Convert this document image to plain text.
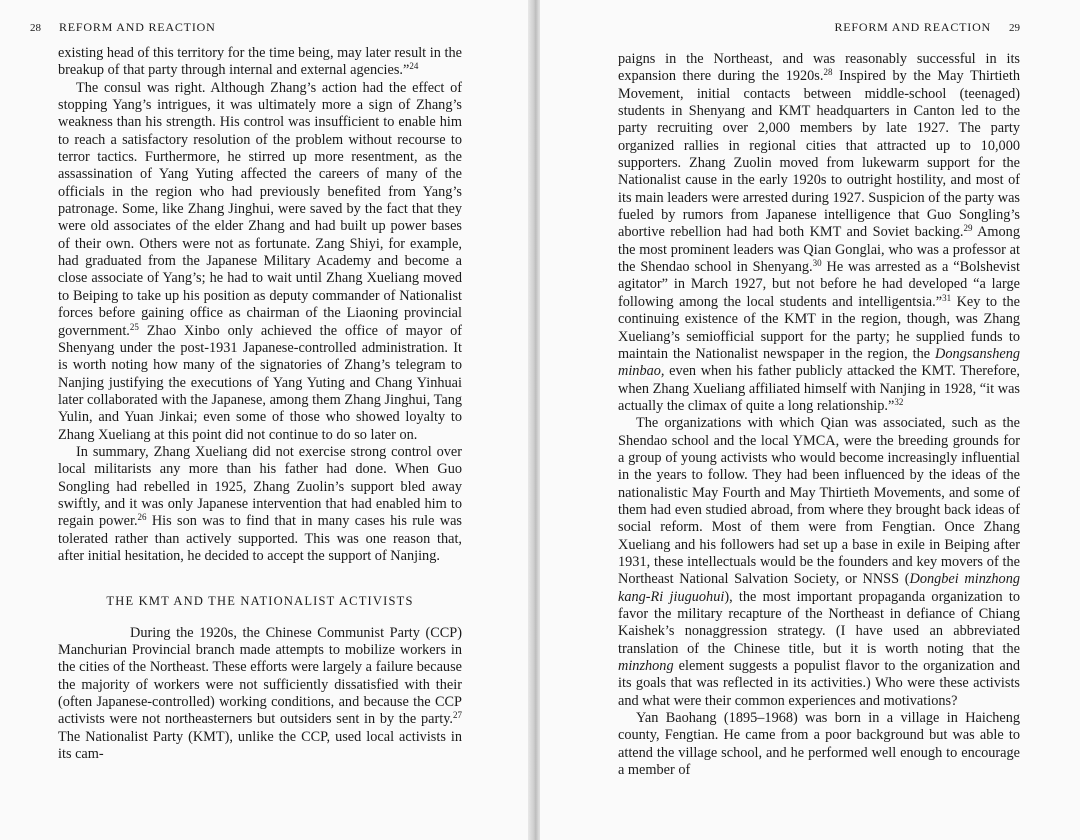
28 REFORM AND REACTION

existing head of this territory for the time being, may later result in the breakup of that party through internal and external agencies.”$^{24}$

The consul was right. Although Zhang’s action had the effect of stopping Yang’s intrigues, it was ultimately more a sign of Zhang’s weakness than his strength. His control was insufficient to enable him to reach a satisfactory resolution of the problem without recourse to terror tactics. Furthermore, he stirred up more resentment, as the assassination of Yang Yuting affected the careers of many of the officials in the region who had previously benefited from Yang’s patronage. Some, like Zhang Jinghui, were saved by the fact that they were old associates of the elder Zhang and had built up power bases of their own. Others were not as fortunate. Zang Shiyi, for example, had graduated from the Japanese Military Academy and become a close associate of Yang’s; he had to wait until Zhang Xueliang moved to Beiping to take up his position as deputy commander of Nationalist forces before gaining office as chairman of the Liaoning provincial government.$^{25}$ Zhao Xinbo only achieved the office of mayor of Shenyang under the post-1931 Japanese-controlled administration. It is worth noting how many of the signatories of Zhang’s telegram to Nanjing justifying the executions of Yang Yuting and Chang Yinhuai later collaborated with the Japanese, among them Zhang Jinghui, Tang Yulin, and Yuan Jinkai; even some of those who showed loyalty to Zhang Xueliang at this point did not continue to do so later on.

In summary, Zhang Xueliang did not exercise strong control over local militarists any more than his father had done. When Guo Songling had rebelled in 1925, Zhang Zuolin’s support bled away swiftly, and it was only Japanese intervention that had enabled him to regain power.$^{26}$ His son was to find that in many cases his rule was tolerated rather than actively supported. This was one reason that, after initial hesitation, he decided to accept the support of Nanjing.

THE KMT AND THE NATIONALIST ACTIVISTS

During the 1920s, the Chinese Communist Party (CCP) Manchurian Provincial branch made attempts to mobilize workers in the cities of the Northeast. These efforts were largely a failure because the majority of workers were not sufficiently dissatisfied with their (often Japanese-controlled) working conditions, and because the CCP activists were not northeasterners but outsiders sent in by the party.$^{27}$ The Nationalist Party (KMT), unlike the CCP, used local activists in its cam-

REFORM AND REACTION 29

paigns in the Northeast, and was reasonably successful in its expansion there during the 1920s.$^{28}$ Inspired by the May Thirtieth Movement, initial contacts between middle-school (teenaged) students in Shenyang and KMT headquarters in Canton led to the party recruiting over 2,000 members by late 1927. The party organized rallies in regional cities that attracted up to 10,000 supporters. Zhang Zuolin moved from lukewarm support for the Nationalist cause in the early 1920s to outright hostility, and most of its main leaders were arrested during 1927. Suspicion of the party was fueled by rumors from Japanese intelligence that Guo Songling’s abortive rebellion had had both KMT and Soviet backing.$^{29}$ Among the most prominent leaders was Qian Gonglai, who was a professor at the Shendao school in Shenyang.$^{30}$ He was arrested as a “Bolshevist agitator” in March 1927, but not before he had developed “a large following among the local students and intelligentsia.”$^{31}$ Key to the continuing existence of the KMT in the region, though, was Zhang Xueliang’s semiofficial support for the party; he supplied funds to maintain the Nationalist newspaper in the region, the Dongsansheng minbao, even when his father publicly attacked the KMT. Therefore, when Zhang Xueliang affiliated himself with Nanjing in 1928, “it was actually the climax of quite a long relationship.”$^{32}$

The organizations with which Qian was associated, such as the Shendao school and the local YMCA, were the breeding grounds for a group of young activists who would become increasingly influential in the years to follow. They had been influenced by the ideas of the nationalistic May Fourth and May Thirtieth Movements, and some of them had even studied abroad, from where they brought back ideas of social reform. Most of them were from Fengtian. Once Zhang Xueliang and his followers had set up a base in exile in Beiping after 1931, these intellectuals would be the founders and key movers of the Northeast National Salvation Society, or NNSS (Dongbei minzhong kang-Ri jiuguohui), the most important propaganda organization to favor the military recapture of the Northeast in defiance of Chiang Kaishek’s nonaggression strategy. (I have used an abbreviated translation of the Chinese title, but it is worth noting that the minzhong element suggests a populist flavor to the organization and its goals that was reflected in its activities.) Who were these activists and what were their common experiences and motivations?

Yan Baohang (1895–1968) was born in a village in Haicheng county, Fengtian. He came from a poor background but was able to attend the village school, and he performed well enough to encourage a member of
